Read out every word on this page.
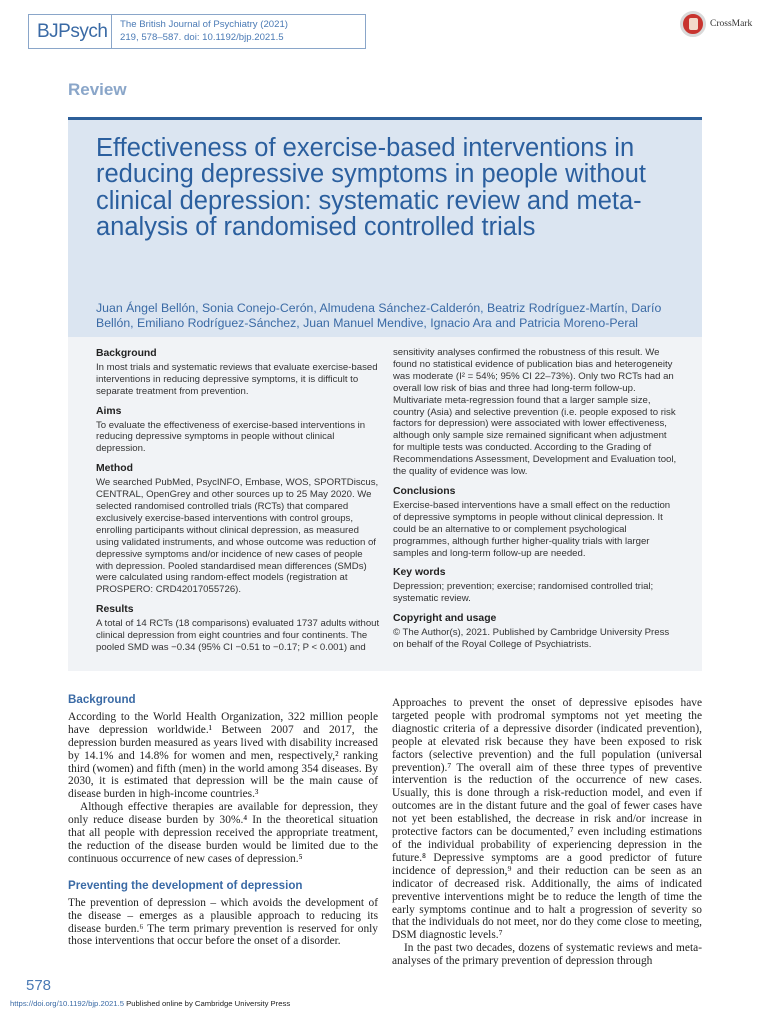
BJPsych	The British Journal of Psychiatry (2021)
219, 578–587. doi: 10.1192/bjp.2021.5
CrossMark
Review
Effectiveness of exercise-based interventions in reducing depressive symptoms in people without clinical depression: systematic review and meta-analysis of randomised controlled trials
Juan Ángel Bellón, Sonia Conejo-Cerón, Almudena Sánchez-Calderón, Beatriz Rodríguez-Martín, Darío Bellón, Emiliano Rodríguez-Sánchez, Juan Manuel Mendive, Ignacio Ara and Patricia Moreno-Peral
Background

In most trials and systematic reviews that evaluate exercise-based interventions in reducing depressive symptoms, it is difficult to separate treatment from prevention.

Aims

To evaluate the effectiveness of exercise-based interventions in reducing depressive symptoms in people without clinical depression.

Method

We searched PubMed, PsycINFO, Embase, WOS, SPORTDiscus, CENTRAL, OpenGrey and other sources up to 25 May 2020. We selected randomised controlled trials (RCTs) that compared exclusively exercise-based interventions with control groups, enrolling participants without clinical depression, as measured using validated instruments, and whose outcome was reduction of depressive symptoms and/or incidence of new cases of people with depression. Pooled standardised mean differences (SMDs) were calculated using random-effect models (registration at PROSPERO: CRD42017055726).

Results

A total of 14 RCTs (18 comparisons) evaluated 1737 adults without clinical depression from eight countries and four continents. The pooled SMD was −0.34 (95% CI −0.51 to −0.17; P < 0.001) and

sensitivity analyses confirmed the robustness of this result. We found no statistical evidence of publication bias and heterogeneity was moderate (I² = 54%; 95% CI 22–73%). Only two RCTs had an overall low risk of bias and three had long-term follow-up. Multivariate meta-regression found that a larger sample size, country (Asia) and selective prevention (i.e. people exposed to risk factors for depression) were associated with lower effectiveness, although only sample size remained significant when adjustment for multiple tests was conducted. According to the Grading of Recommendations Assessment, Development and Evaluation tool, the quality of evidence was low.

Conclusions

Exercise-based interventions have a small effect on the reduction of depressive symptoms in people without clinical depression. It could be an alternative to or complement psychological programmes, although further higher-quality trials with larger samples and long-term follow-up are needed.

Key words

Depression; prevention; exercise; randomised controlled trial; systematic review.

Copyright and usage

© The Author(s), 2021. Published by Cambridge University Press on behalf of the Royal College of Psychiatrists.

Background

According to the World Health Organization, 322 million people have depression worldwide.¹ Between 2007 and 2017, the depression burden measured as years lived with disability increased by 14.1% and 14.8% for women and men, respectively,² ranking third (women) and fifth (men) in the world among 354 diseases. By 2030, it is estimated that depression will be the main cause of disease burden in high-income countries.³

Although effective therapies are available for depression, they only reduce disease burden by 30%.⁴ In the theoretical situation that all people with depression received the appropriate treatment, the reduction of the disease burden would be limited due to the continuous occurrence of new cases of depression.⁵

Preventing the development of depression

The prevention of depression – which avoids the development of the disease – emerges as a plausible approach to reducing its disease burden.⁶ The term primary prevention is reserved for only those interventions that occur before the onset of a disorder.

Approaches to prevent the onset of depressive episodes have targeted people with prodromal symptoms not yet meeting the diagnostic criteria of a depressive disorder (indicated prevention), people at elevated risk because they have been exposed to risk factors (selective prevention) and the full population (universal prevention).⁷ The overall aim of these three types of preventive intervention is the reduction of the occurrence of new cases. Usually, this is done through a risk-reduction model, and even if outcomes are in the distant future and the goal of fewer cases have not yet been established, the decrease in risk and/or increase in protective factors can be documented,⁷ even including estimations of the individual probability of experiencing depression in the future.⁸ Depressive symptoms are a good predictor of future incidence of depression,⁹ and their reduction can be seen as an indicator of decreased risk. Additionally, the aims of indicated preventive interventions might be to reduce the length of time the early symptoms continue and to halt a progression of severity so that the individuals do not meet, nor do they come close to meeting, DSM diagnostic levels.⁷

In the past two decades, dozens of systematic reviews and meta-analyses of the primary prevention of depression through

578
https://doi.org/10.1192/bjp.2021.5 Published online by Cambridge University Press
